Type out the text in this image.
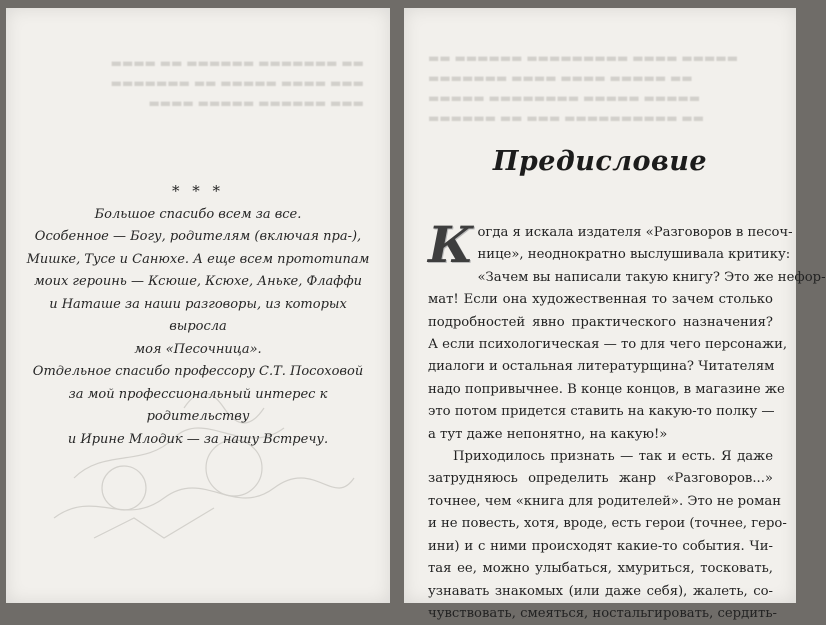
▬▬▬▬ ▬▬ ▬▬▬▬▬▬ ▬▬▬▬▬▬▬ ▬▬
▬▬▬▬▬▬▬ ▬▬ ▬▬▬▬▬ ▬▬▬▬ ▬▬▬
▬▬▬▬ ▬▬▬▬▬ ▬▬▬▬▬▬ ▬▬▬
* * *

Большое спасибо всем за все.

Особенное — Богу, родителям (включая пра-),

Мишке, Тусе и Санюхе. А еще всем прототипам

моих героинь — Ксюше, Ксюхе, Аньке, Флаффи

и Наташе за наши разговоры, из которых выросла

моя «Песочница».

Отдельное спасибо профессору С.Т. Посоховой

за мой профессиональный интерес к родительству

и Ирине Млодик — за нашу Встречу.

▬▬ ▬▬▬▬▬▬ ▬▬▬▬▬▬▬▬▬ ▬▬▬▬ ▬▬▬▬▬
▬▬▬▬▬▬▬ ▬▬▬▬ ▬▬▬▬ ▬▬▬▬▬ ▬▬
▬▬▬▬▬ ▬▬▬▬▬▬▬▬ ▬▬▬▬▬ ▬▬▬▬▬
▬▬▬▬▬▬ ▬▬ ▬▬▬ ▬▬▬▬▬▬▬▬▬▬ ▬▬
Предисловие
К огда я искала издателя «Разговоров в песоч-
нице», неоднократно выслушивала критику:
«Зачем вы написали такую книгу? Это же нефор-
мат! Если она художественная то зачем столько
подробностей явно практического назначения?
А если психологическая — то для чего персонажи,
диалоги и остальная литературщина? Читателям
надо попривычнее. В конце концов, в магазине же
это потом придется ставить на какую-то полку —
а тут даже непонятно, на какую!»
Приходилось признать — так и есть. Я даже
затрудняюсь определить жанр «Разговоров...»
точнее, чем «книга для родителей». Это не роман
и не повесть, хотя, вроде, есть герои (точнее, геро-
ини) и с ними происходят какие-то события. Чи-
тая ее, можно улыбаться, хмуриться, тосковать,
узнавать знакомых (или даже себя), жалеть, со-
чувствовать, смеяться, ностальгировать, сердить-
